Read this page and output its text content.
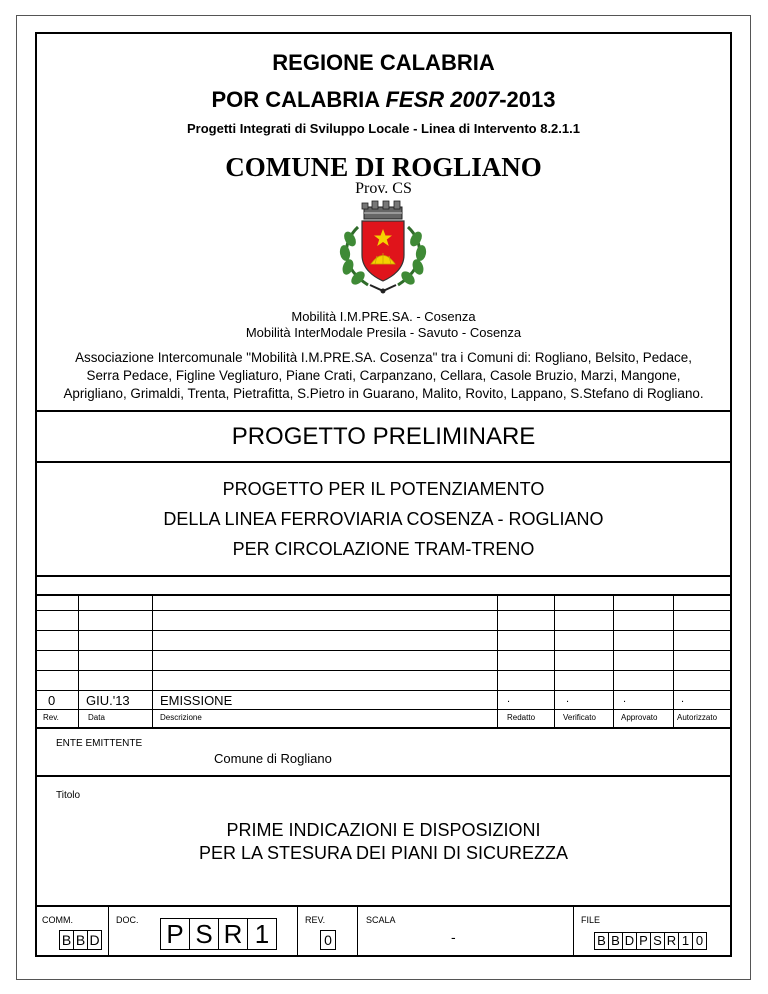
REGIONE CALABRIA
POR CALABRIA FESR 2007-2013
Progetti Integrati di Sviluppo Locale - Linea di Intervento 8.2.1.1
COMUNE DI ROGLIANO
Prov. CS
Mobilità I.M.PRE.SA. - Cosenza
Mobilità InterModale Presila - Savuto - Cosenza
Associazione Intercomunale "Mobilità I.M.PRE.SA. Cosenza" tra i Comuni di: Rogliano, Belsito, Pedace,
Serra Pedace, Figline Vegliaturo, Piane Crati, Carpanzano, Cellara, Casole Bruzio, Marzi, Mangone,
Aprigliano, Grimaldi, Trenta, Pietrafitta, S.Pietro in Guarano, Malito, Rovito, Lappano, S.Stefano di Rogliano.
PROGETTO PRELIMINARE
PROGETTO PER IL POTENZIAMENTO
DELLA LINEA FERROVIARIA COSENZA - ROGLIANO
PER CIRCOLAZIONE TRAM-TRENO
0 GIU.'13 EMISSIONE	.	.	.	.
Rev.	Data	Descrizione	Redatto	Verificato	Approvato Autorizzato
ENTE EMITTENTE
Comune di Rogliano
Titolo
PRIME INDICAZIONI E DISPOSIZIONI
PER LA STESURA DEI PIANI DI SICUREZZA
COMM.	DOC.	REV.	SCALA	FILE
B B D	P S R 1	0	-	B B D P S R 1 0
